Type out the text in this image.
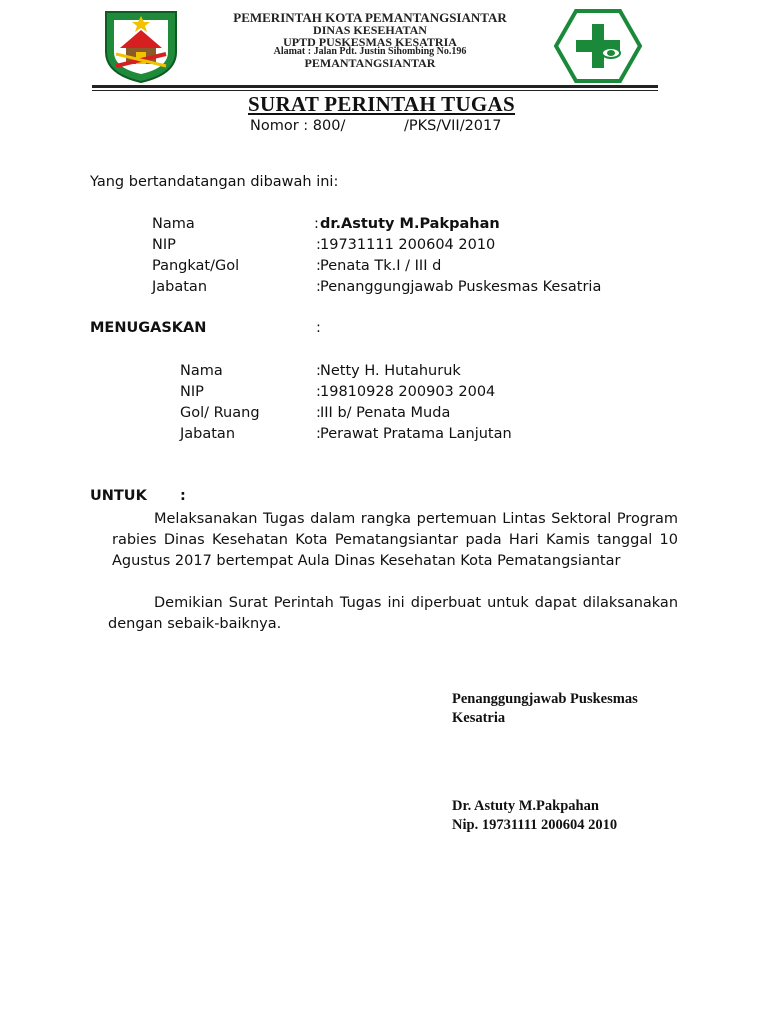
PEMERINTAH KOTA PEMANTANGSIANTAR
DINAS KESEHATAN
UPTD PUSKESMAS KESATRIA
Alamat : Jalan Pdt. Justin Sihombing No.196
PEMANTANGSIANTAR
SURAT PERINTAH TUGAS
Nomor : 800/	/PKS/VII/2017
Yang bertandatangan dibawah ini:
Nama	: dr.Astuty M.Pakpahan
NIP	: 19731111 200604 2010
Pangkat/Gol	: Penata Tk.I / III d
Jabatan	: Penanggungjawab Puskesmas Kesatria
MENUGASKAN	:
Nama	: Netty H. Hutahuruk
NIP	: 19810928 200903 2004
Gol/ Ruang	: III b/ Penata Muda
Jabatan	: Perawat Pratama Lanjutan
UNTUK :
Melaksanakan Tugas dalam rangka pertemuan Lintas Sektoral Program rabies Dinas Kesehatan Kota Pematangsiantar pada Hari Kamis tanggal 10 Agustus 2017 bertempat Aula Dinas Kesehatan Kota Pematangsiantar
Demikian Surat Perintah Tugas ini diperbuat untuk dapat dilaksanakan dengan sebaik-baiknya.
Penanggungjawab Puskesmas
Kesatria
Dr. Astuty M.Pakpahan
Nip. 19731111 200604 2010
